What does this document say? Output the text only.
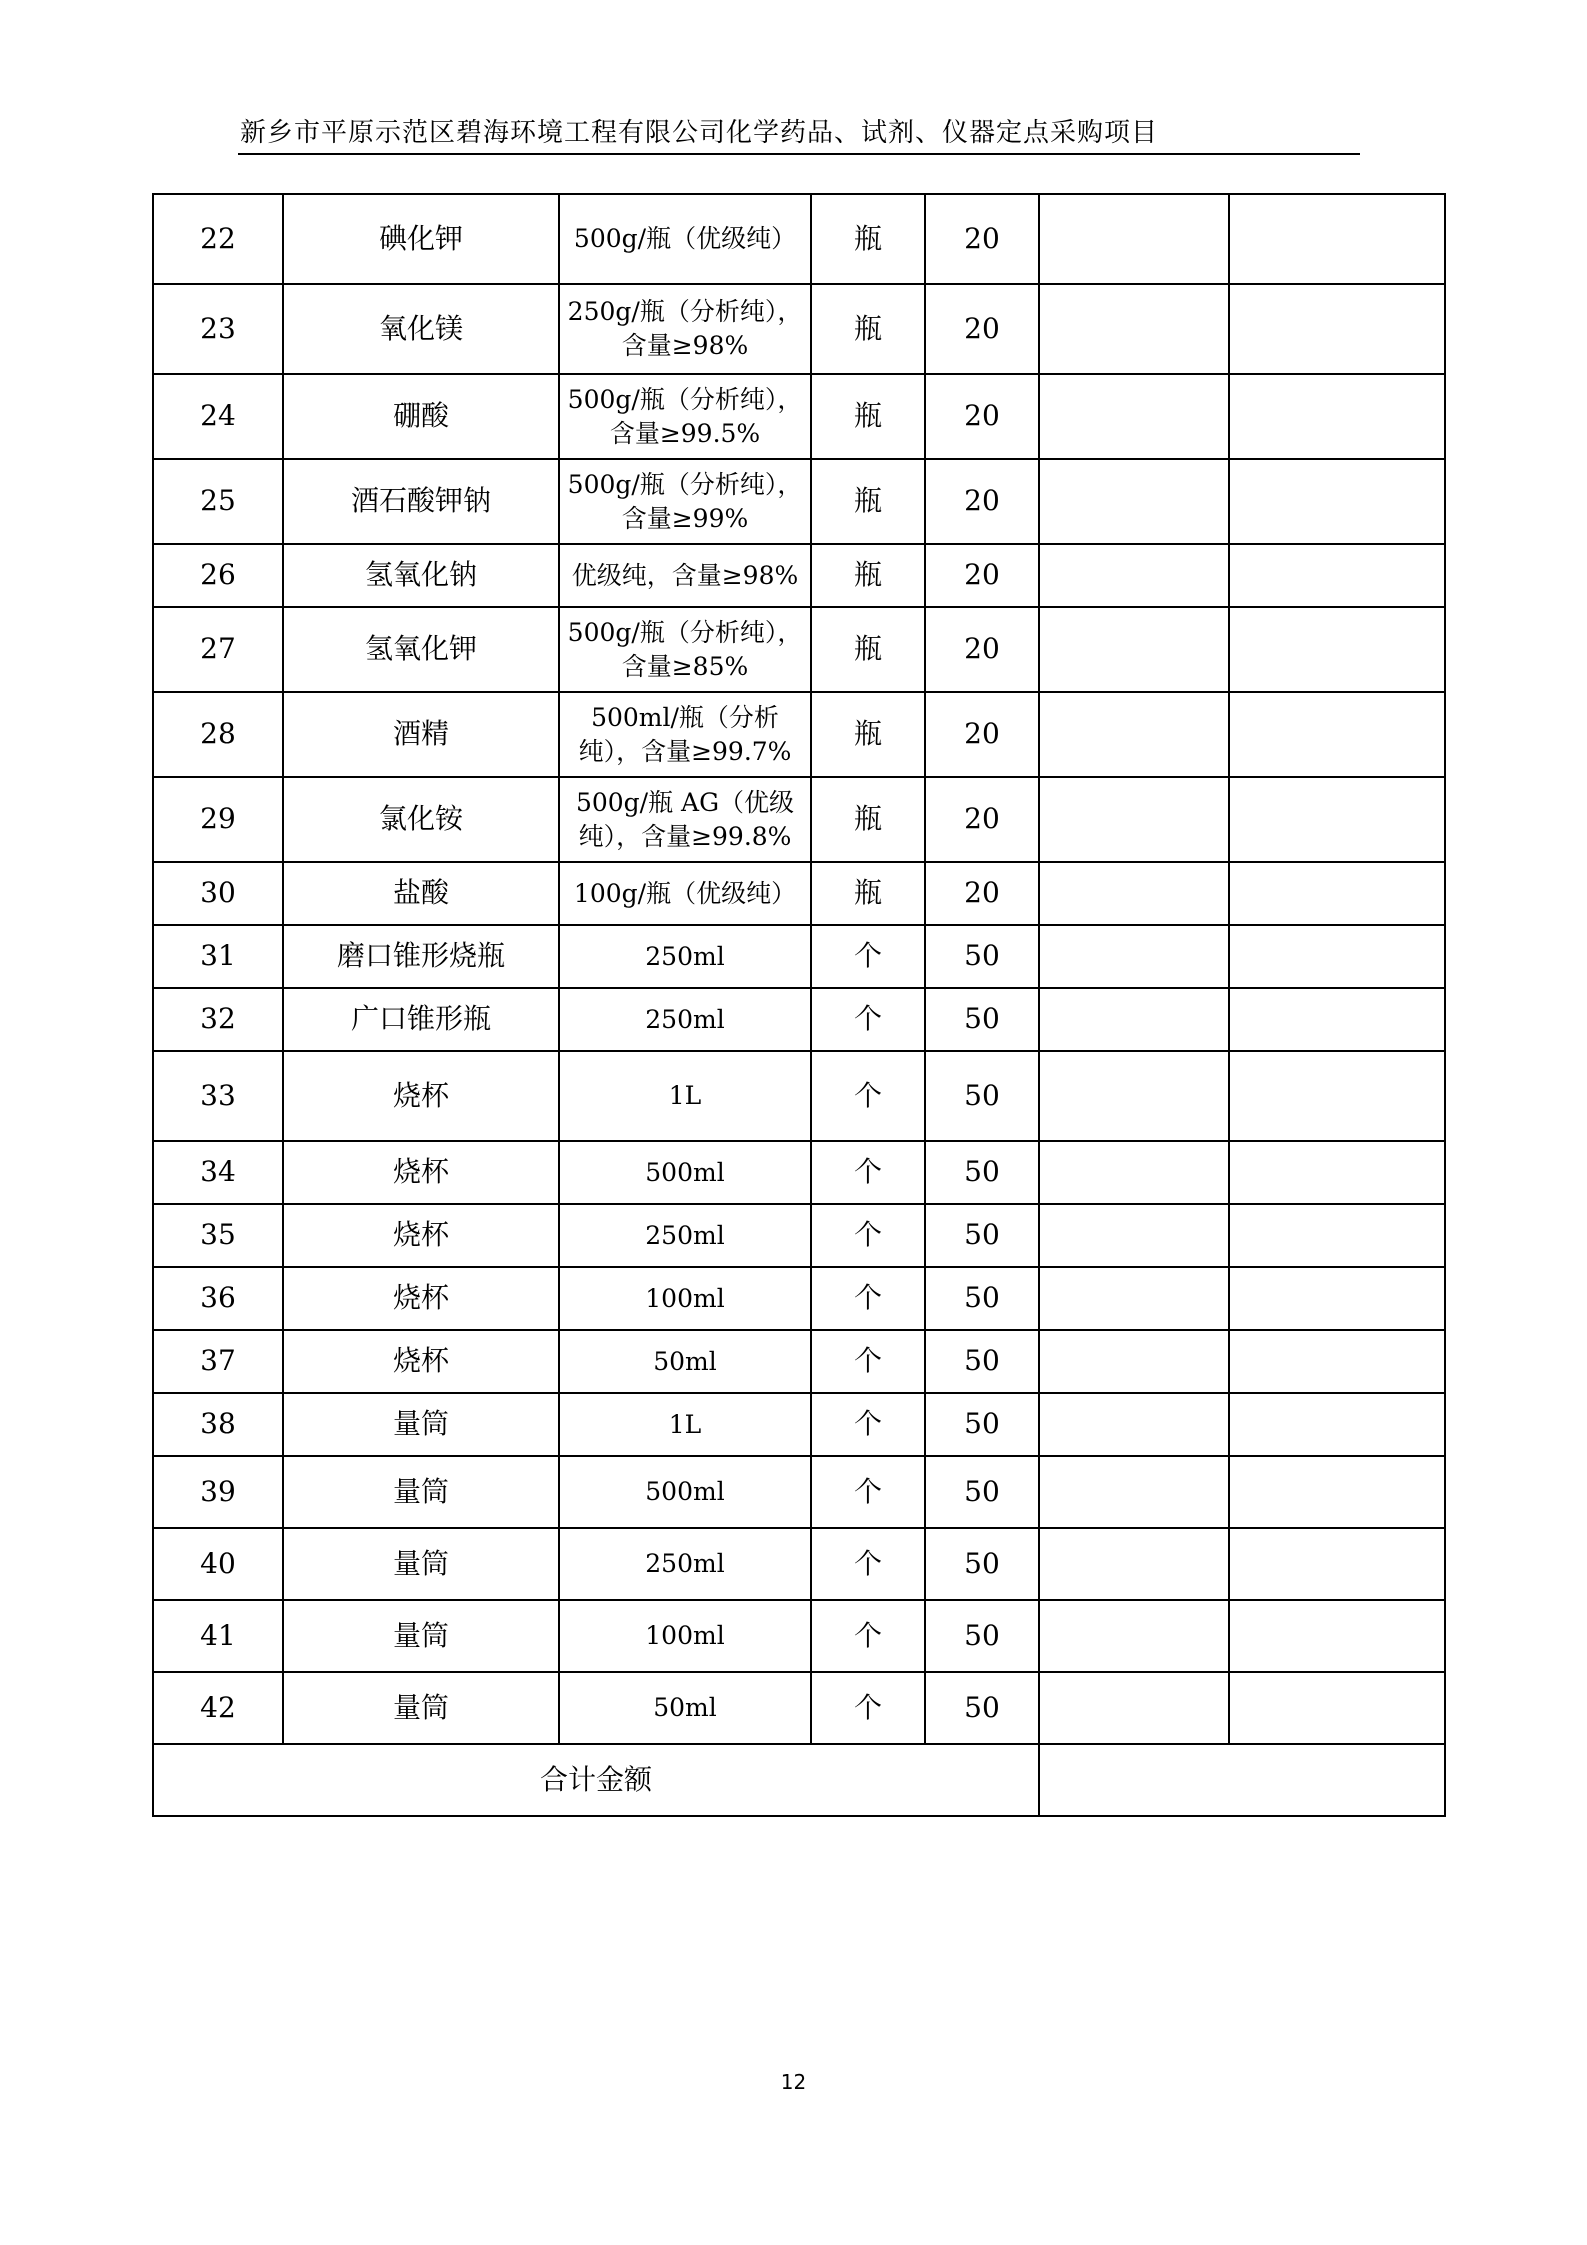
新乡市平原示范区碧海环境工程有限公司化学药品、试剂、仪器定点采购项目
22	碘化钾	500g/瓶（优级纯）	瓶	20		
23	氧化镁	250g/瓶（分析纯），含量≥98%	瓶	20		
24	硼酸	500g/瓶（分析纯），含量≥99.5%	瓶	20		
25	酒石酸钾钠	500g/瓶（分析纯），含量≥99%	瓶	20		
26	氢氧化钠	优级纯，含量≥98%	瓶	20		
27	氢氧化钾	500g/瓶（分析纯），含量≥85%	瓶	20		
28	酒精	500ml/瓶（分析纯），含量≥99.7%	瓶	20		
29	氯化铵	500g/瓶 AG（优级纯），含量≥99.8%	瓶	20		
30	盐酸	100g/瓶（优级纯）	瓶	20		
31	磨口锥形烧瓶	250ml	个	50		
32	广口锥形瓶	250ml	个	50		
33	烧杯	1L	个	50		
34	烧杯	500ml	个	50		
35	烧杯	250ml	个	50		
36	烧杯	100ml	个	50		
37	烧杯	50ml	个	50		
38	量筒	1L	个	50		
39	量筒	500ml	个	50		
40	量筒	250ml	个	50		
41	量筒	100ml	个	50		
42	量筒	50ml	个	50		
合计金额						
12
